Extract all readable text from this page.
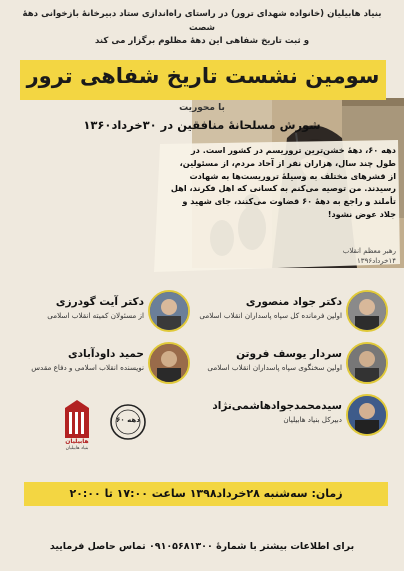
بنیاد هابیلیان (خانواده شهدای ترور) در راستای راه‌اندازی ستاد دبیرخانهٔ بازخوانی دههٔ شصت
و ثبت تاریخ شفاهی این دههٔ مظلوم برگزار می کند
سومین نشست تاریخ شفاهی ترور
با محوریت
شورش مسلحانهٔ منافقین در ۳۰خرداد۱۳۶۰
دهه ۶۰، دههٔ خشن‌ترین تروریسم در کشور است. در طول چند سال، هزاران نفر از آحاد مردم، از مسئولین، از قشرهای مختلف به وسیلهٔ تروریست‌ها به شهادت رسیدند. من توصیه می‌کنم به کسانی که اهل فکرند، اهل تأملند و راجع به دههٔ ۶۰ قضاوت می‌کنند، جای شهید و جلاد عوض نشود!
رهبر معظم انقلاب
۱۴خرداد۱۳۹۶
دکتر جواد منصوری
اولین فرمانده کل سپاه پاسداران انقلاب اسلامی
دکتر آیت گودرزی
از مسئولان کمیته انقلاب اسلامی
سردار یوسف فروتن
اولین سخنگوی سپاه پاسداران انقلاب اسلامی
حمید داودآبادی
نویسنده انقلاب اسلامی و دفاع مقدس
سیدمحمدجوادهاشمی‌نژاد
دبیرکل بنیاد هابیلیان
هابیلیان
بنیاد هابیلیان
دهه ۶۰
زمان: سه‌شنبه ۲۸خرداد۱۳۹۸ ساعت ۱۷:۰۰ تا ۲۰:۰۰
برای اطلاعات بیشتر با شمارهٔ ۰۹۱۰۵۶۸۱۳۰۰ تماس حاصل فرمایید
